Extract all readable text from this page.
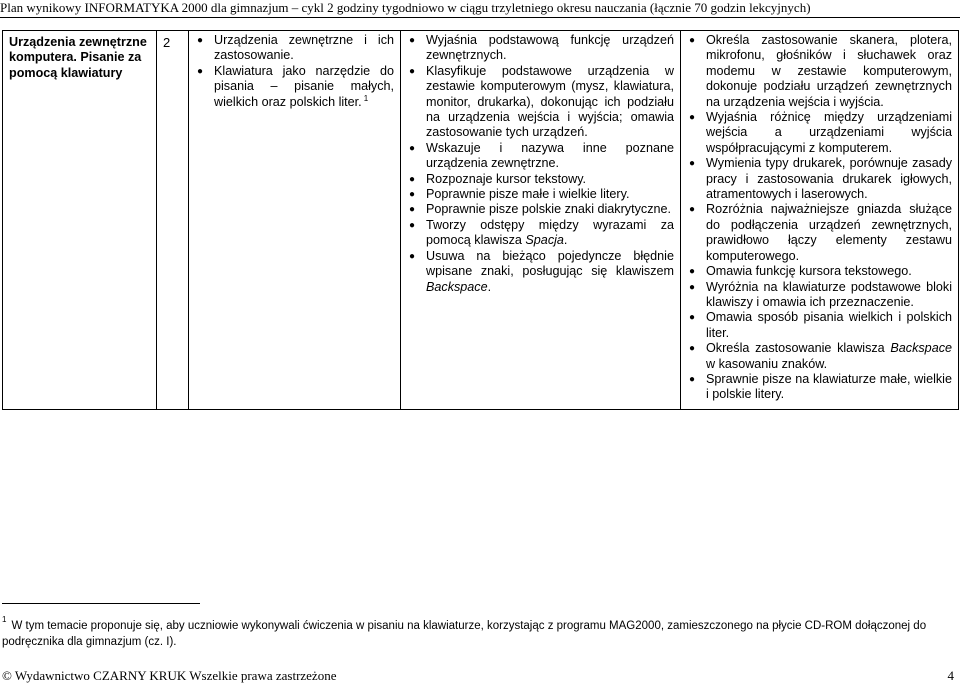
Plan wynikowy INFORMATYKA 2000 dla gimnazjum – cykl 2 godziny tygodniowo w ciągu trzyletniego okresu nauczania (łącznie 70 godzin lekcyjnych)
Urządzenia zewnętrzne komputera. Pisanie za pomocą klawiatury	2	
●Urządzenia zewnętrzne i ich zastosowanie.
● Klawiatura jako narzędzie do pisania – pisanie małych, wielkich oraz polskich liter. $^1$

● Wyjaśnia podstawową funkcję urządzeń zewnętrznych.
● Klasyfikuje podstawowe urządzenia w zestawie komputerowym (mysz, klawiatura, monitor, drukarka), dokonując ich podziału na urządzenia wejścia i wyjścia; omawia zastosowanie tych urządzeń.
● Wskazuje i nazywa inne poznane urządzenia zewnętrzne.
● Rozpoznaje kursor tekstowy.
● Poprawnie pisze małe i wielkie litery.
● Poprawnie pisze polskie znaki diakrytyczne.
● Tworzy odstępy między wyrazami za pomocą klawisza Spacja.
● Usuwa na bieżąco pojedyncze błędnie wpisane znaki, posługując się klawiszem Backspace.

● Określa zastosowanie skanera, plotera, mikrofonu, głośników i słuchawek oraz modemu w zestawie komputerowym, dokonuje podziału urządzeń zewnętrznych na urządzenia wejścia i wyjścia.
● Wyjaśnia różnicę między urządzeniami wejścia a urządzeniami wyjścia współpracującymi z komputerem.
● Wymienia typy drukarek, porównuje zasady pracy i zastosowania drukarek igłowych, atramentowych i laserowych.
● Rozróżnia najważniejsze gniazda służące do podłączenia urządzeń zewnętrznych, prawidłowo łączy elementy zestawu komputerowego.
● Omawia funkcję kursora tekstowego.
● Wyróżnia na klawiaturze podstawowe bloki klawiszy i omawia ich przeznaczenie.
● Omawia sposób pisania wielkich i polskich liter.
● Określa zastosowanie klawisza Backspace w kasowaniu znaków.
● Sprawnie pisze na klawiaturze małe, wielkie i polskie litery.
$^1$W tym temacie proponuje się, aby uczniowie wykonywali ćwiczenia w pisaniu na klawiaturze, korzystając z programu MAG2000, zamieszczonego na płycie CD-ROM dołączonej do podręcznika dla gimnazjum (cz. I).
© Wydawnictwo CZARNY KRUK Wszelkie prawa zastrzeżone	4
